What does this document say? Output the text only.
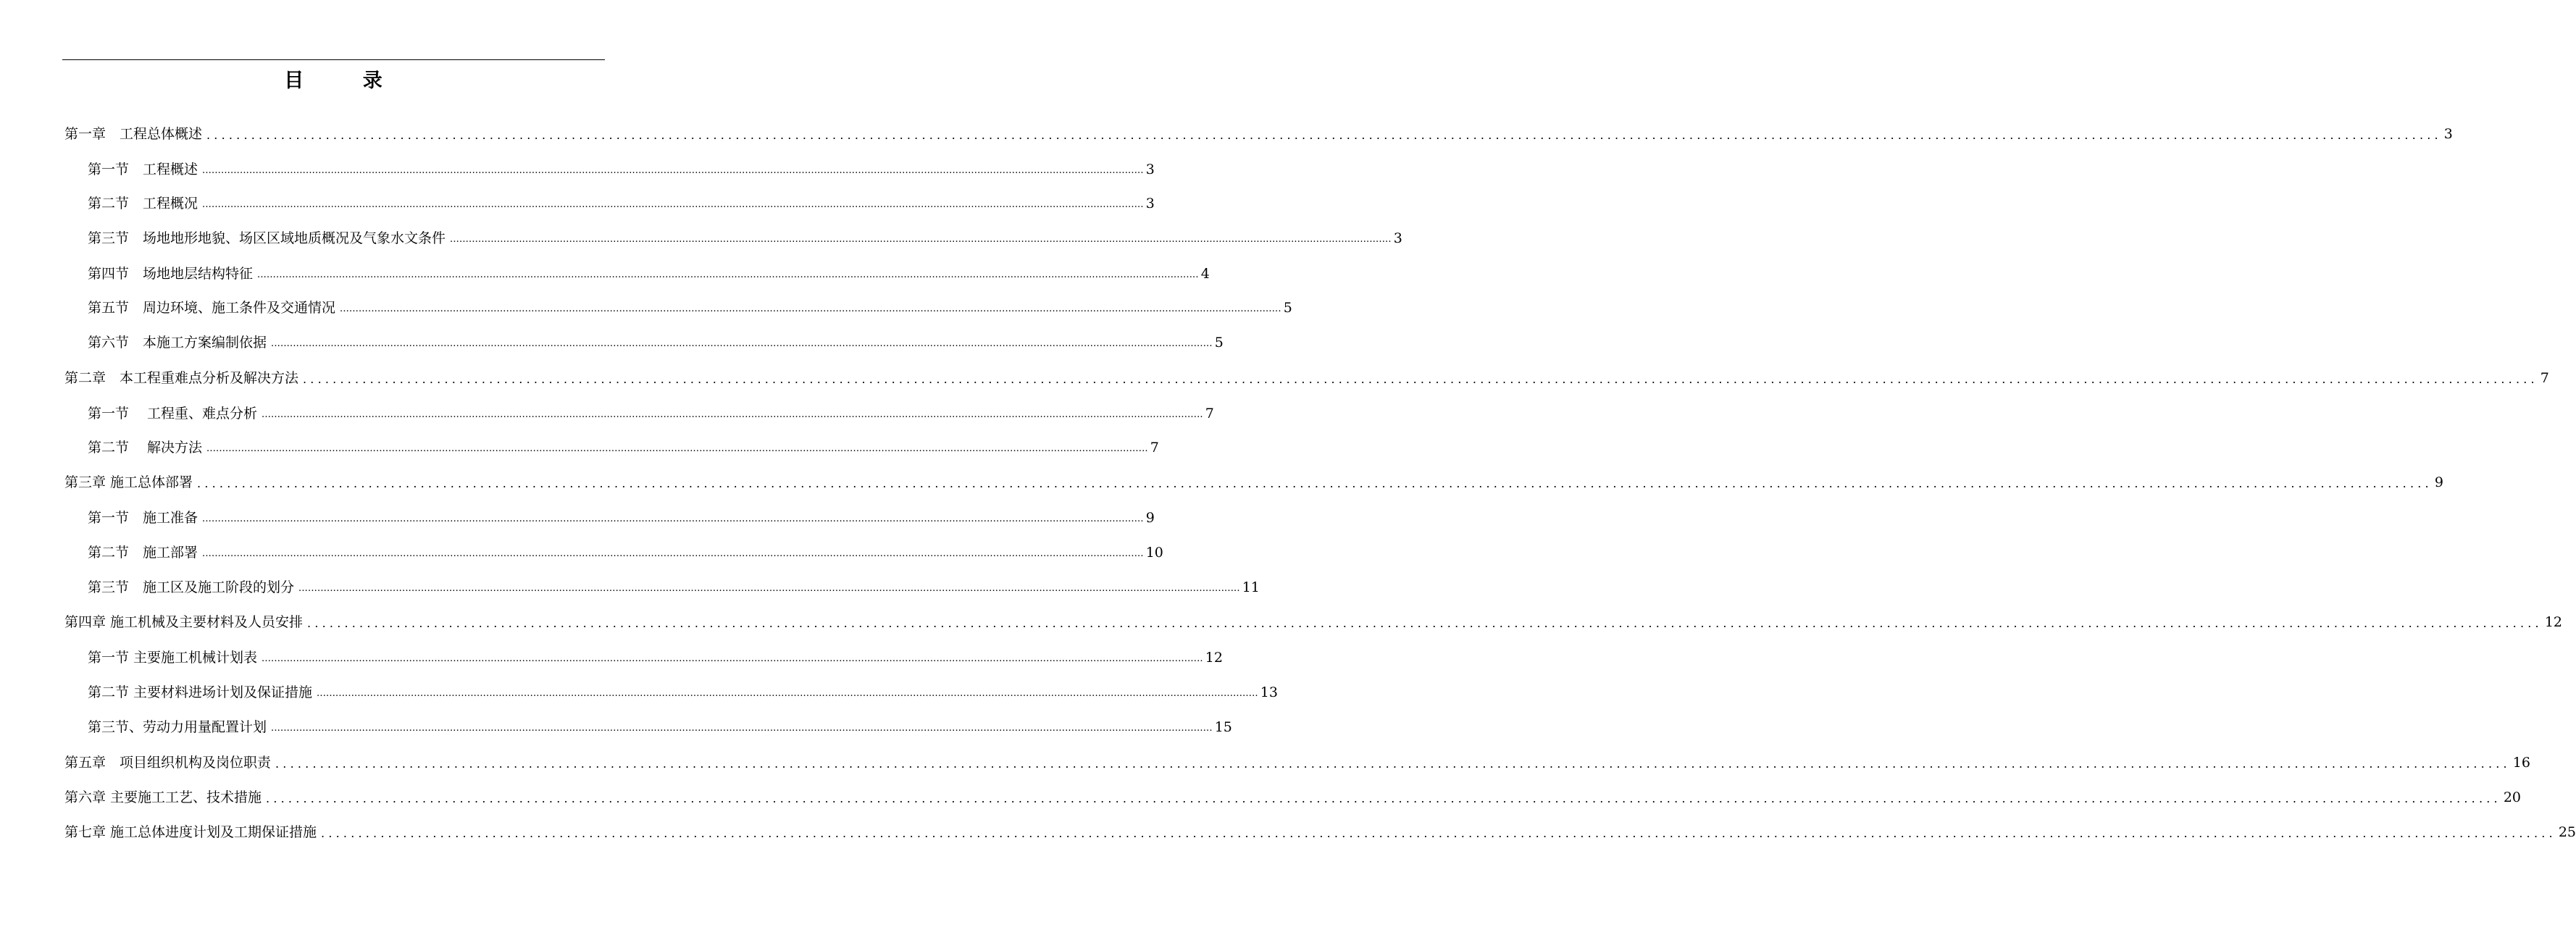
目 录
第一章　工程总体概述 ............................................................................................................................................................................................................................................................................................................ 3
第一节　工程概述 ............................................................................................................................................................................................................................................................................................................ 3
第二节　工程概况 ............................................................................................................................................................................................................................................................................................................ 3
第三节　场地地形地貌、场区区域地质概况及气象水文条件 ............................................................................................................................................................................................................................................................................................................ 3
第四节　场地地层结构特征 ............................................................................................................................................................................................................................................................................................................ 4
第五节　周边环境、施工条件及交通情况 ............................................................................................................................................................................................................................................................................................................ 5
第六节　本施工方案编制依据 ............................................................................................................................................................................................................................................................................................................ 5
第二章　本工程重难点分析及解决方法 ............................................................................................................................................................................................................................................................................................................ 7
第一节　 工程重、难点分析 ............................................................................................................................................................................................................................................................................................................ 7
第二节　 解决方法 ............................................................................................................................................................................................................................................................................................................ 7
第三章 施工总体部署 ............................................................................................................................................................................................................................................................................................................ 9
第一节　施工准备 ............................................................................................................................................................................................................................................................................................................ 9
第二节　施工部署 ............................................................................................................................................................................................................................................................................................................ 10
第三节　施工区及施工阶段的划分 ............................................................................................................................................................................................................................................................................................................ 11
第四章 施工机械及主要材料及人员安排 ............................................................................................................................................................................................................................................................................................................ 12
第一节 主要施工机械计划表 ............................................................................................................................................................................................................................................................................................................ 12
第二节 主要材料进场计划及保证措施 ............................................................................................................................................................................................................................................................................................................ 13
第三节、劳动力用量配置计划 ............................................................................................................................................................................................................................................................................................................ 15
第五章　项目组织机构及岗位职责 ............................................................................................................................................................................................................................................................................................................ 16
第六章 主要施工工艺、技术措施 ............................................................................................................................................................................................................................................................................................................ 20
第七章 施工总体进度计划及工期保证措施 ............................................................................................................................................................................................................................................................................................................ 25
